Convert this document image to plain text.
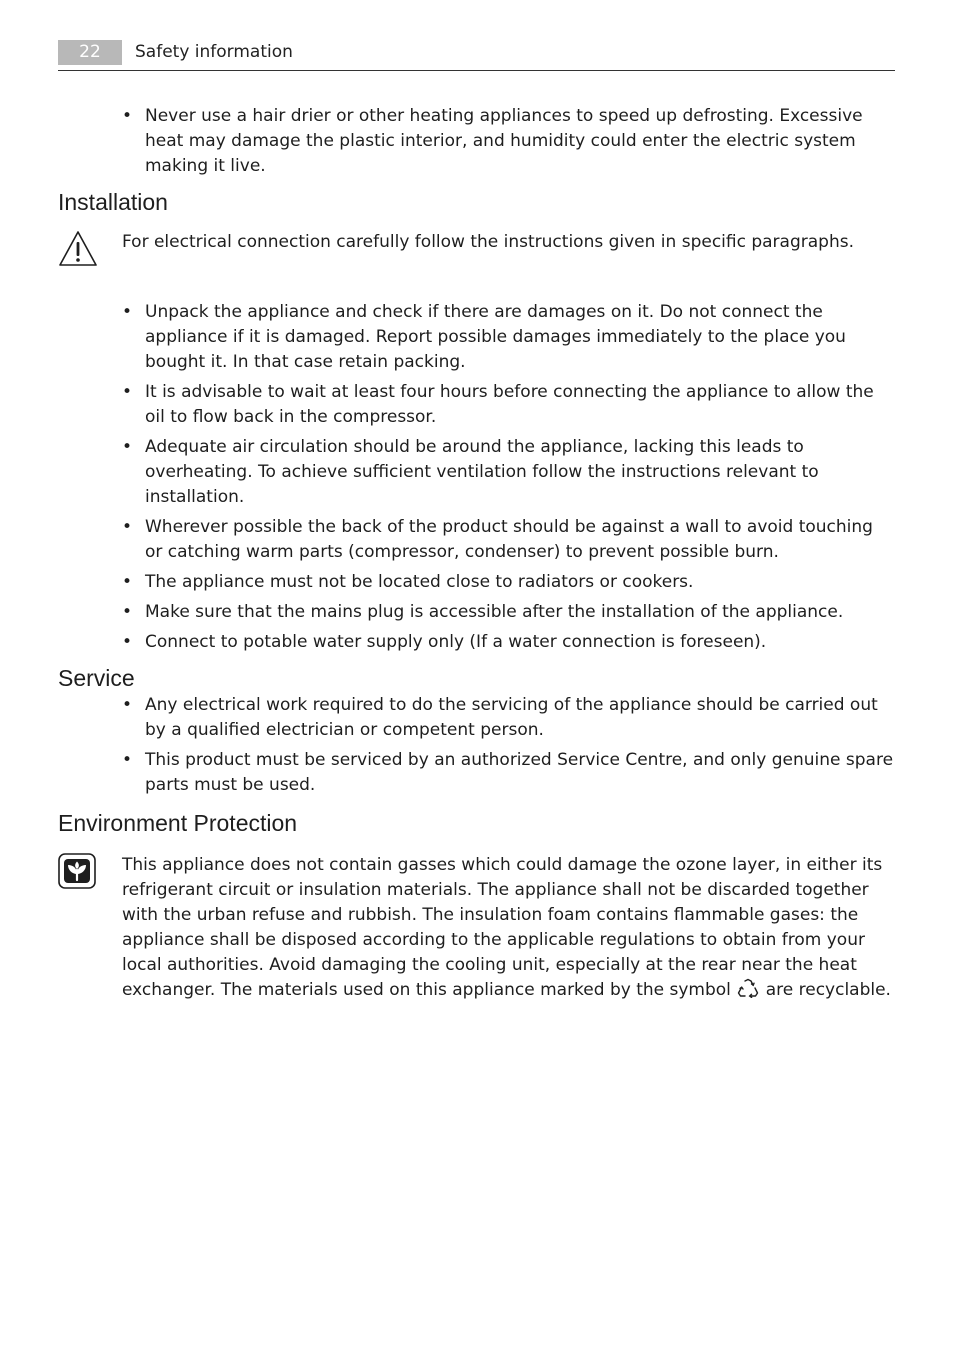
22	Safety information
• Never use a hair drier or other heating appliances to speed up defrosting. Excessive heat may damage the plastic interior, and humidity could enter the electric system making it live.
Installation
For electrical connection carefully follow the instructions given in specific paragraphs.
• Unpack the appliance and check if there are damages on it. Do not connect the appliance if it is damaged. Report possible damages immediately to the place you bought it. In that case retain packing.
• It is advisable to wait at least four hours before connecting the appliance to allow the oil to flow back in the compressor.
• Adequate air circulation should be around the appliance, lacking this leads to overheating. To achieve sufficient ventilation follow the instructions relevant to installation.
• Wherever possible the back of the product should be against a wall to avoid touching or catching warm parts (compressor, condenser) to prevent possible burn.
• The appliance must not be located close to radiators or cookers.
• Make sure that the mains plug is accessible after the installation of the appliance.
• Connect to potable water supply only (If a water connection is foreseen).
Service
• Any electrical work required to do the servicing of the appliance should be carried out by a qualified electrician or competent person.
• This product must be serviced by an authorized Service Centre, and only genuine spare parts must be used.
Environment Protection
This appliance does not contain gasses which could damage the ozone layer, in either its refrigerant circuit or insulation materials. The appliance shall not be discarded together with the urban refuse and rubbish. The insulation foam contains flammable gases: the appliance shall be disposed according to the applicable regulations to obtain from your local authorities. Avoid damaging the cooling unit, especially at the rear near the heat exchanger. The materials used on this appliance marked by the symbol are recyclable.
